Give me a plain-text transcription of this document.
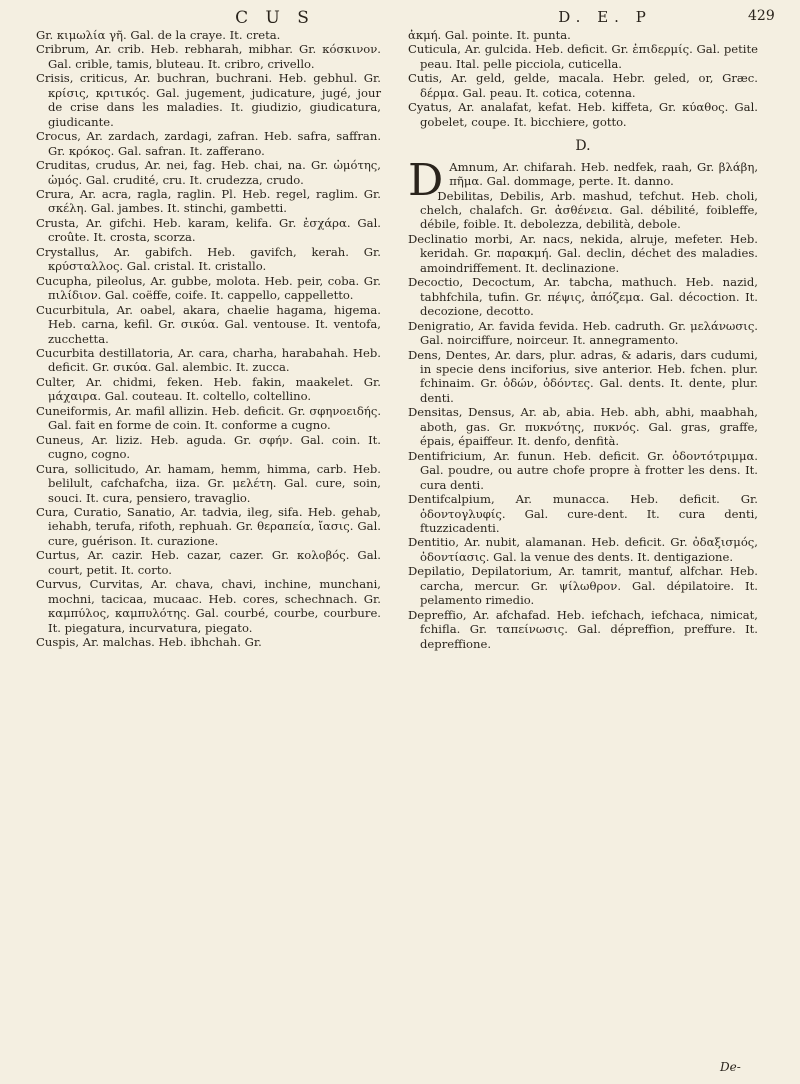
C U S	D. E. P	429

Gr. κιμωλία γῆ. Gal. de la craye. It. creta.

Cribrum, Ar. crib. Heb. rebharah, mibhar. Gr. κόσκινον. Gal. crible, tamis, bluteau. It. cribro, crivello.

Crisis, criticus, Ar. buchran, buchrani. Heb. gebhul. Gr. κρίσις, κριτικός. Gal. jugement, judicature, jugé, jour de crise dans les maladies. It. giudizio, giudicatura, giudicante.

Crocus, Ar. zardach, zardagi, zafran. Heb. safra, saffran. Gr. κρόκος. Gal. safran. It. zafferano.

Cruditas, crudus, Ar. nei, fag. Heb. chai, na. Gr. ὠμότης, ὠμός. Gal. crudité, cru. It. crudezza, crudo.

Crura, Ar. acra, ragla, raglin. Pl. Heb. regel, raglim. Gr. σκέλη. Gal. jambes. It. stinchi, gambetti.

Crusta, Ar. gifchi. Heb. karam, kelifa. Gr. ἐσχάρα. Gal. croûte. It. crosta, scorza.

Crystallus, Ar. gabifch. Heb. gavifch, kerah. Gr. κρύσταλλος. Gal. cristal. It. cristallo.

Cucupha, pileolus, Ar. gubbe, molota. Heb. peir, coba. Gr. πιλίδιον. Gal. coëffe, coife. It. cappello, cappelletto.

Cucurbitula, Ar. oabel, akara, chaelie hagama, higema. Heb. carna, kefil. Gr. σικύα. Gal. ventouse. It. ventofa, zucchetta.

Cucurbita destillatoria, Ar. cara, charha, harabahah. Heb. deficit. Gr. σικύα. Gal. alembic. It. zucca.

Culter, Ar. chidmi, feken. Heb. fakin, maakelet. Gr. μάχαιρα. Gal. couteau. It. coltello, coltellino.

Cuneiformis, Ar. mafil allizin. Heb. deficit. Gr. σφηνοειδής. Gal. fait en forme de coin. It. conforme a cugno.

Cuneus, Ar. liziz. Heb. aguda. Gr. σφήν. Gal. coin. It. cugno, cogno.

Cura, sollicitudo, Ar. hamam, hemm, himma, carb. Heb. belilult, cafchafcha, iiza. Gr. μελέτη. Gal. cure, soin, souci. It. cura, pensiero, travaglio.

Cura, Curatio, Sanatio, Ar. tadvia, ileg, sifa. Heb. gehab, iehabh, terufa, rifoth, rephuah. Gr. θεραπεία, ἴασις. Gal. cure, guérison. It. curazione.

Curtus, Ar. cazir. Heb. cazar, cazer. Gr. κολοβός. Gal. court, petit. It. corto.

Curvus, Curvitas, Ar. chava, chavi, inchine, munchani, mochni, tacicaa, mucaac. Heb. cores, schechnach. Gr. καμπύλος, καμπυλότης. Gal. courbé, courbe, courbure. It. piegatura, incurvatura, piegato.

Cuspis, Ar. malchas. Heb. ibhchah. Gr.

ἀκμή. Gal. pointe. It. punta.

Cuticula, Ar. gulcida. Heb. deficit. Gr. ἐπιδερμίς. Gal. petite peau. Ital. pelle picciola, cuticella.

Cutis, Ar. geld, gelde, macala. Hebr. geled, or, Græc. δέρμα. Gal. peau. It. cotica, cotenna.

Cyatus, Ar. analafat, kefat. Heb. kiffeta, Gr. κύαθος. Gal. gobelet, coupe. It. bicchiere, gotto.

D.
D Amnum, Ar. chifarah. Heb. nedfek, raah, Gr. βλάβη, πῆμα. Gal. dommage, perte. It. danno.

Debilitas, Debilis, Arb. mashud, tefchut. Heb. choli, chelch, chalafch. Gr. ἀσθένεια. Gal. débilité, foibleffe, débile, foible. It. debolezza, debilità, debole.

Declinatio morbi, Ar. nacs, nekida, alruje, mefeter. Heb. keridah. Gr. παρακμή. Gal. declin, déchet des maladies. amoindriffement. It. declinazione.

Decoctio, Decoctum, Ar. tabcha, mathuch. Heb. nazid, tabhfchila, tufin. Gr. πέψις, ἀπόζεμα. Gal. décoction. It. decozione, decotto.

Denigratio, Ar. favida fevida. Heb. cadruth. Gr. μελάνωσις. Gal. noirciffure, noirceur. It. annegramento.

Dens, Dentes, Ar. dars, plur. adras, & adaris, dars cudumi, in specie dens inciforius, sive anterior. Heb. fchen. plur. fchinaim. Gr. ὀδών, ὀδόντες. Gal. dents. It. dente, plur. denti.

Densitas, Densus, Ar. ab, abia. Heb. abh, abhi, maabhah, aboth, gas. Gr. πυκνότης, πυκνός. Gal. gras, graffe, épais, épaiffeur. It. denfo, denfità.

Dentifricium, Ar. funun. Heb. deficit. Gr. ὀδοντότριμμα. Gal. poudre, ou autre chofe propre à frotter les dens. It. cura denti.

Dentifcalpium, Ar. munacca. Heb. deficit. Gr. ὀδοντογλυφίς. Gal. cure-dent. It. cura denti, ftuzzicadenti.

Dentitio, Ar. nubit, alamanan. Heb. deficit. Gr. ὀδαξισμός, ὀδοντίασις. Gal. la venue des dents. It. dentigazione.

Depilatio, Depilatorium, Ar. tamrit, mantuf, alfchar. Heb. carcha, mercur. Gr. ψίλωθρον. Gal. dépilatoire. It. pelamento rimedio.

Depreffio, Ar. afchafad. Heb. iefchach, iefchaca, nimicat, fchifla. Gr. ταπείνωσις. Gal. dépreffion, preffure. It. depreffione.

De-
